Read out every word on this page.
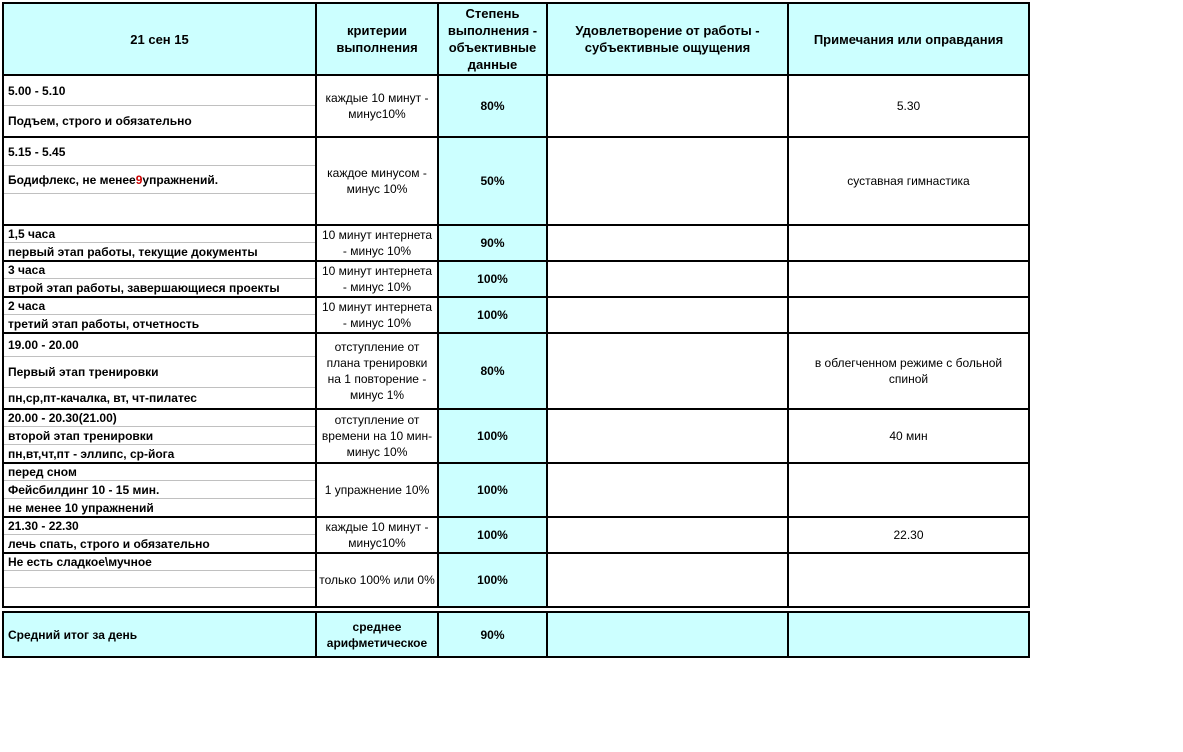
21 сен 15	критерии выполнения	Степень выполнения - объективные данные	Удовлетворение от работы - субъективные ощущения	Примечания или оправдания

5.00 - 5.10
Подъем, строго и обязательно	каждые 10 минут - минус10%	80%		5.30

5.15 - 5.45
Бодифлекс, не менее 9 упражнений.	каждое минусом - минус 10%	50%		суставная гимнастика

1,5 часа
первый этап работы, текущие документы	10 минут интернета - минус 10%	90%		

3 часа
втрой этап работы, завершающиеся проекты	10 минут интернета - минус 10%	100%		

2 часа
третий этап работы, отчетность	10 минут интернета - минус 10%	100%		

19.00 - 20.00
Первый этап тренировки
пн,ср,пт-качалка, вт, чт-пилатес	отступление от плана тренировки на 1 повторение - минус 1%	80%		в облегченном режиме с больной спиной

20.00 - 20.30(21.00)
второй этап тренировки
пн,вт,чт,пт - эллипс, ср-йога	отступление от времени на 10 мин- минус 10%	100%		40 мин

перед сном
Фейсбилдинг 10 - 15 мин.
не менее 10 упражнений	1 упражнение 10%	100%		

21.30 - 22.30
лечь спать, строго и обязательно	каждые 10 минут - минус10%	100%		22.30

Не есть сладкое\мучное	только 100% или 0%	100%		
Средний итог за день	среднее арифметическое	90%		
